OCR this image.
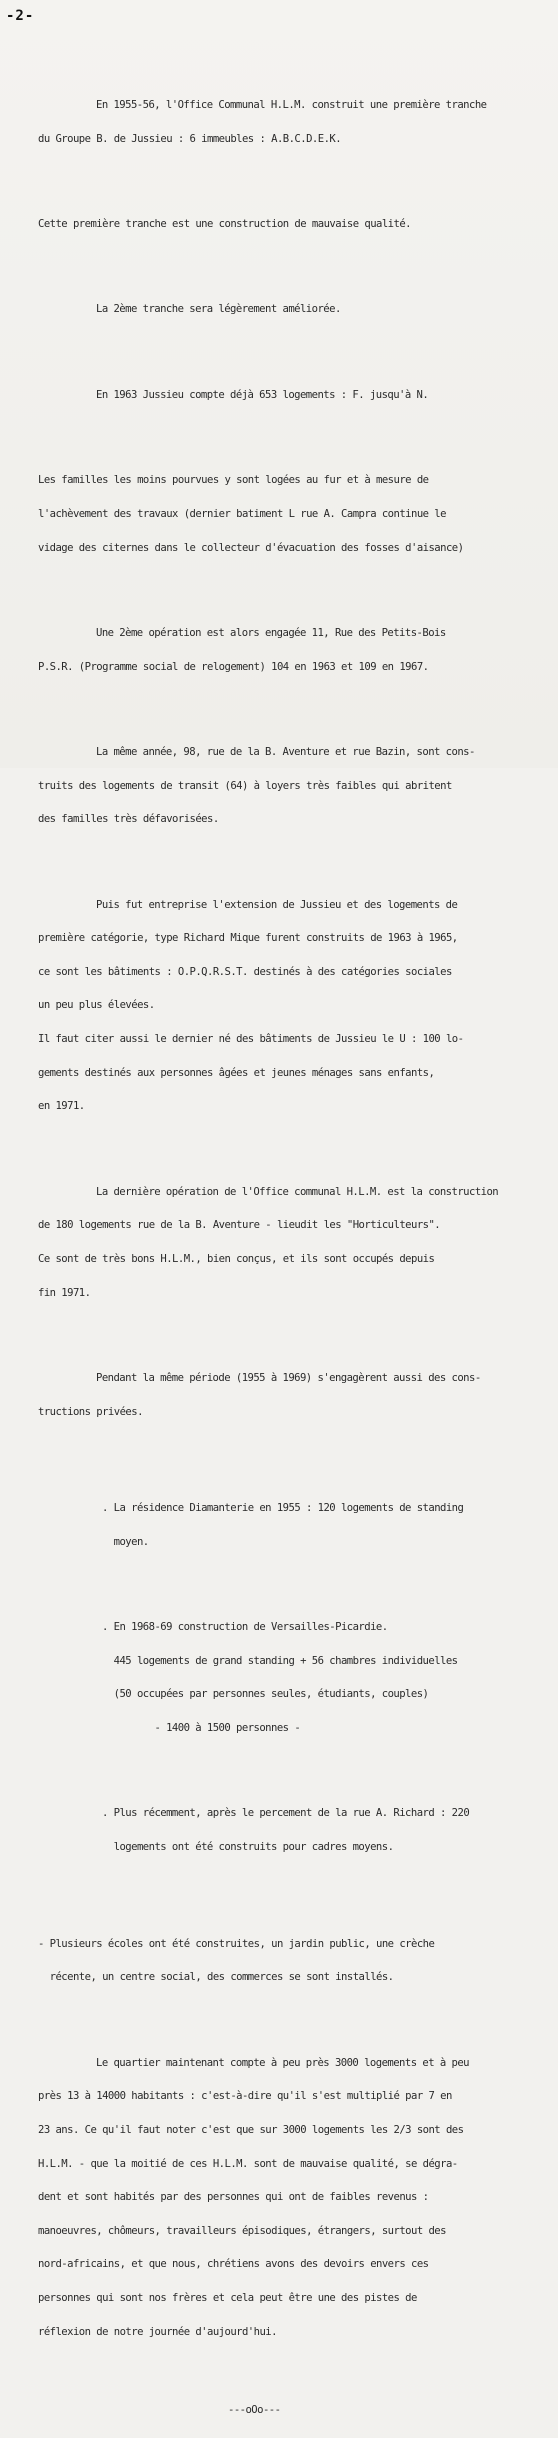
-2-

En 1955-56, l'Office Communal H.L.M. construit une première tranche

du Groupe B. de Jussieu : 6 immeubles : A.B.C.D.E.K.

Cette première tranche est une construction de mauvaise qualité.

La 2ème tranche sera légèrement améliorée.

En 1963 Jussieu compte déjà 653 logements : F. jusqu'à N.

Les familles les moins pourvues y sont logées au fur et à mesure de

l'achèvement des travaux (dernier batiment L rue A. Campra continue le

vidage des citernes dans le collecteur d'évacuation des fosses d'aisance)

Une 2ème opération est alors engagée 11, Rue des Petits-Bois

P.S.R. (Programme social de relogement) 104 en 1963 et 109 en 1967.

La même année, 98, rue de la B. Aventure et rue Bazin, sont cons-

truits des logements de transit (64) à loyers très faibles qui abritent

des familles très défavorisées.

Puis fut entreprise l'extension de Jussieu et des logements de

première catégorie, type Richard Mique furent construits de 1963 à 1965,

ce sont les bâtiments : O.P.Q.R.S.T. destinés à des catégories sociales

un peu plus élevées.

Il faut citer aussi le dernier né des bâtiments de Jussieu le U : 100 lo-

gements destinés aux personnes âgées et jeunes ménages sans enfants,

en 1971.

La dernière opération de l'Office communal H.L.M. est la construction

de 180 logements rue de la B. Aventure - lieudit les "Horticulteurs".

Ce sont de très bons H.L.M., bien conçus, et ils sont occupés depuis

fin 1971.

Pendant la même période (1955 à 1969) s'engagèrent aussi des cons-

tructions privées.

. La résidence Diamanterie en 1955 : 120 logements de standing

moyen.

. En 1968-69 construction de Versailles-Picardie.

445 logements de grand standing + 56 chambres individuelles

(50 occupées par personnes seules, étudiants, couples)

- 1400 à 1500 personnes -

. Plus récemment, après le percement de la rue A. Richard : 220

logements ont été construits pour cadres moyens.

- Plusieurs écoles ont été construites, un jardin public, une crèche

récente, un centre social, des commerces se sont installés.

Le quartier maintenant compte à peu près 3000 logements et à peu

près 13 à 14000 habitants : c'est-à-dire qu'il s'est multiplié par 7 en

23 ans. Ce qu'il faut noter c'est que sur 3000 logements les 2/3 sont des

H.L.M. - que la moitié de ces H.L.M. sont de mauvaise qualité, se dégra-

dent et sont habités par des personnes qui ont de faibles revenus :

manoeuvres, chômeurs, travailleurs épisodiques, étrangers, surtout des

nord-africains, et que nous, chrétiens avons des devoirs envers ces

personnes qui sont nos frères et cela peut être une des pistes de

réflexion de notre journée d'aujourd'hui.

---oOo---
